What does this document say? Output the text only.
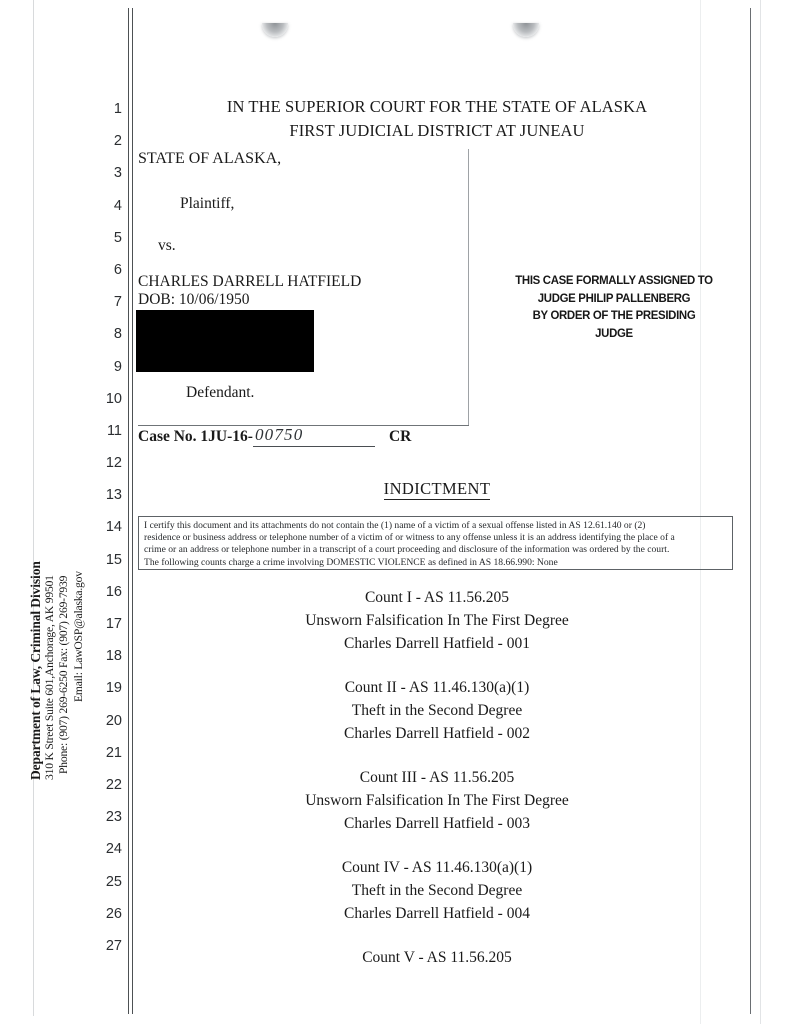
1
2
3
4
5
6
7
8
9
10
11
12
13
14
15
16
17
18
19
20
21
22
23
24
25
26
27
Department of Law, Criminal Division 310 K Street Suite 601,Anchorage, AK 99501 Phone: (907) 269-6250 Fax: (907) 269-7939 Email: LawOSP@alaska.gov
IN THE SUPERIOR COURT FOR THE STATE OF ALASKA
FIRST JUDICIAL DISTRICT AT JUNEAU
STATE OF ALASKA,
Plaintiff,
vs.
CHARLES DARRELL HATFIELD
DOB: 10/06/1950
Defendant.
THIS CASE FORMALLY ASSIGNED TO
JUDGE PHILIP PALLENBERG
BY ORDER OF THE PRESIDING JUDGE
Case No. 1JU-16- 00750	CR
INDICTMENT

I certify this document and its attachments do not contain the (1) name of a victim of a sexual offense listed in AS 12.61.140 or (2)

residence or business address or telephone number of a victim of or witness to any offense unless it is an address identifying the place of a

crime or an address or telephone number in a transcript of a court proceeding and disclosure of the information was ordered by the court.

The following counts charge a crime involving DOMESTIC VIOLENCE as defined in AS 18.66.990: None

Count I - AS 11.56.205
Unsworn Falsification In The First Degree
Charles Darrell Hatfield - 001
Count II - AS 11.46.130(a)(1)
Theft in the Second Degree
Charles Darrell Hatfield - 002
Count III - AS 11.56.205
Unsworn Falsification In The First Degree
Charles Darrell Hatfield - 003
Count IV - AS 11.46.130(a)(1)
Theft in the Second Degree
Charles Darrell Hatfield - 004
Count V - AS 11.56.205
